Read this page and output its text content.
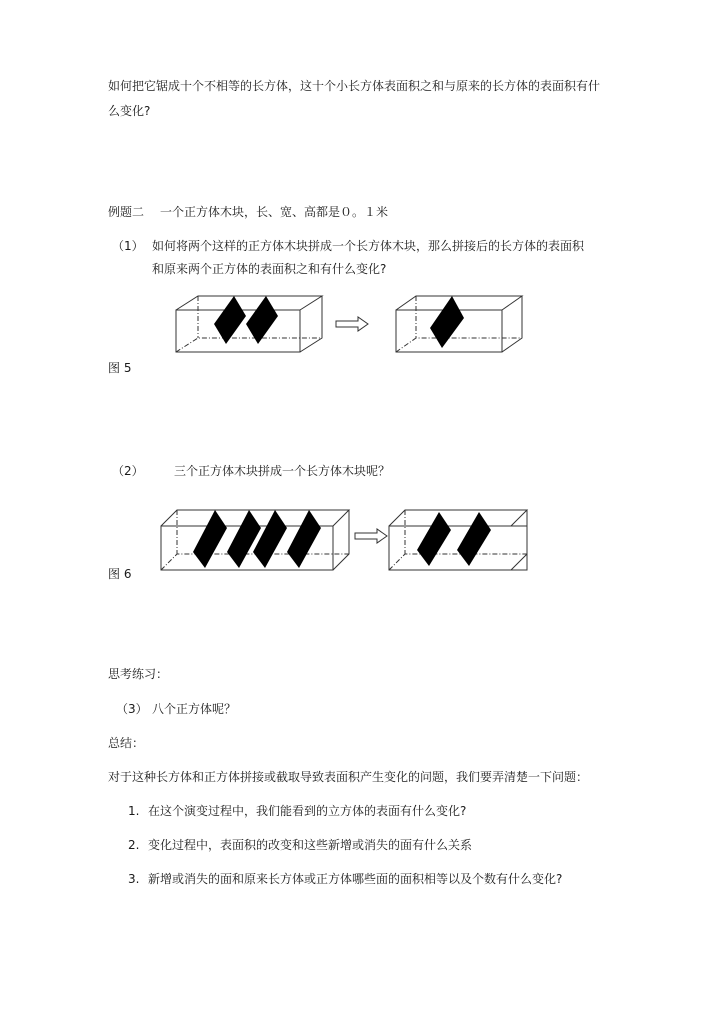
如何把它锯成十个不相等的长方体，这十个小长方体表面积之和与原来的长方体的表面积有什
么变化?
例题二 一个正方体木块，长、宽、高都是０。１米
（1） 如何将两个这样的正方体木块拼成一个长方体木块，那么拼接后的长方体的表面积
和原来两个正方体的表面积之和有什么变化?
图 5
（2）	三个正方体木块拼成一个长方体木块呢？
图 6
思考练习：
（3） 八个正方体呢？
总结：
对于这种长方体和正方体拼接或截取导致表面积产生变化的问题，我们要弄清楚一下问题：
1. 在这个演变过程中，我们能看到的立方体的表面有什么变化?
2. 变化过程中，表面积的改变和这些新增或消失的面有什么关系
3. 新增或消失的面和原来长方体或正方体哪些面的面积相等以及个数有什么变化?
